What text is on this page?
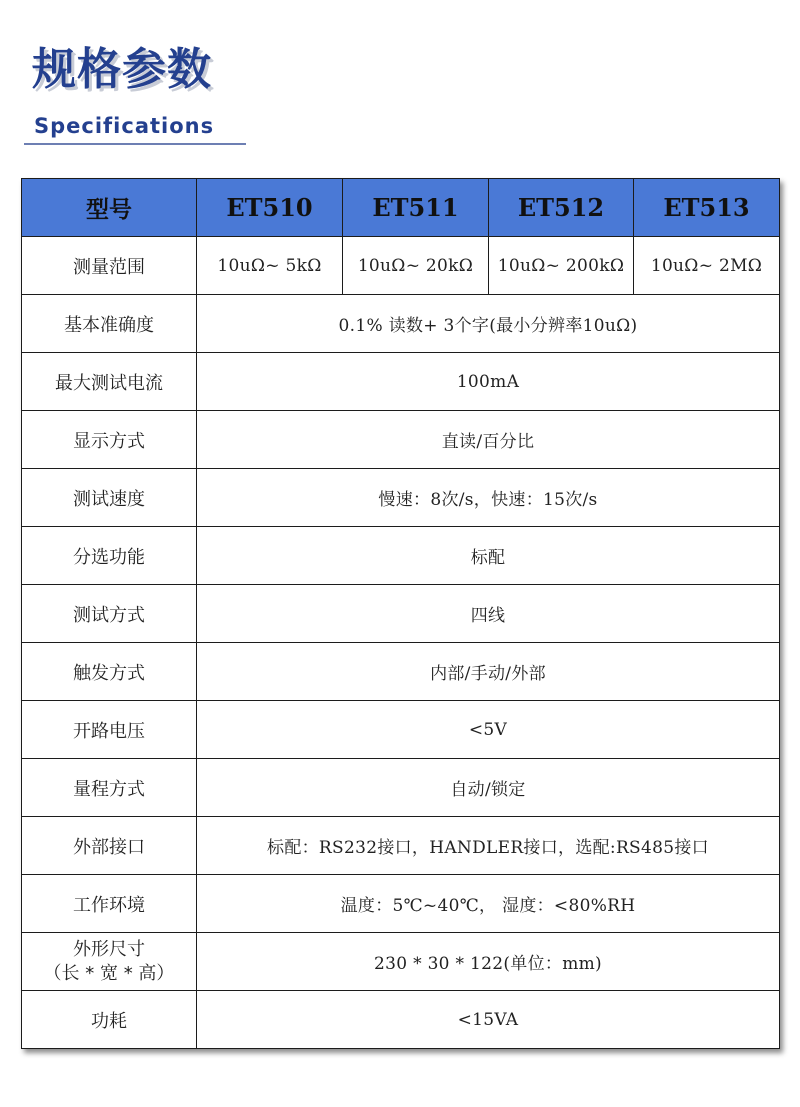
规格参数
Specifications
型号	ET510	ET511	ET512	ET513
测量范围	10uΩ~ 5kΩ	10uΩ~ 20kΩ	10uΩ~ 200kΩ	10uΩ~ 2MΩ
基本准确度	0.1% 读数+ 3个字(最小分辨率10uΩ)			
最大测试电流	100mA			
显示方式	直读/百分比			
测试速度	慢速：8次/s，快速：15次/s			
分选功能	标配			
测试方式	四线			
触发方式	内部/手动/外部			
开路电压	<5V			
量程方式	自动/锁定			
外部接口	标配：RS232接口，HANDLER接口，选配:RS485接口			
工作环境	温度：5℃~40℃， 湿度：<80%RH			

外形尺寸
（长 * 宽 * 高）	230 * 30 * 122(单位：mm)			
功耗	<15VA			
